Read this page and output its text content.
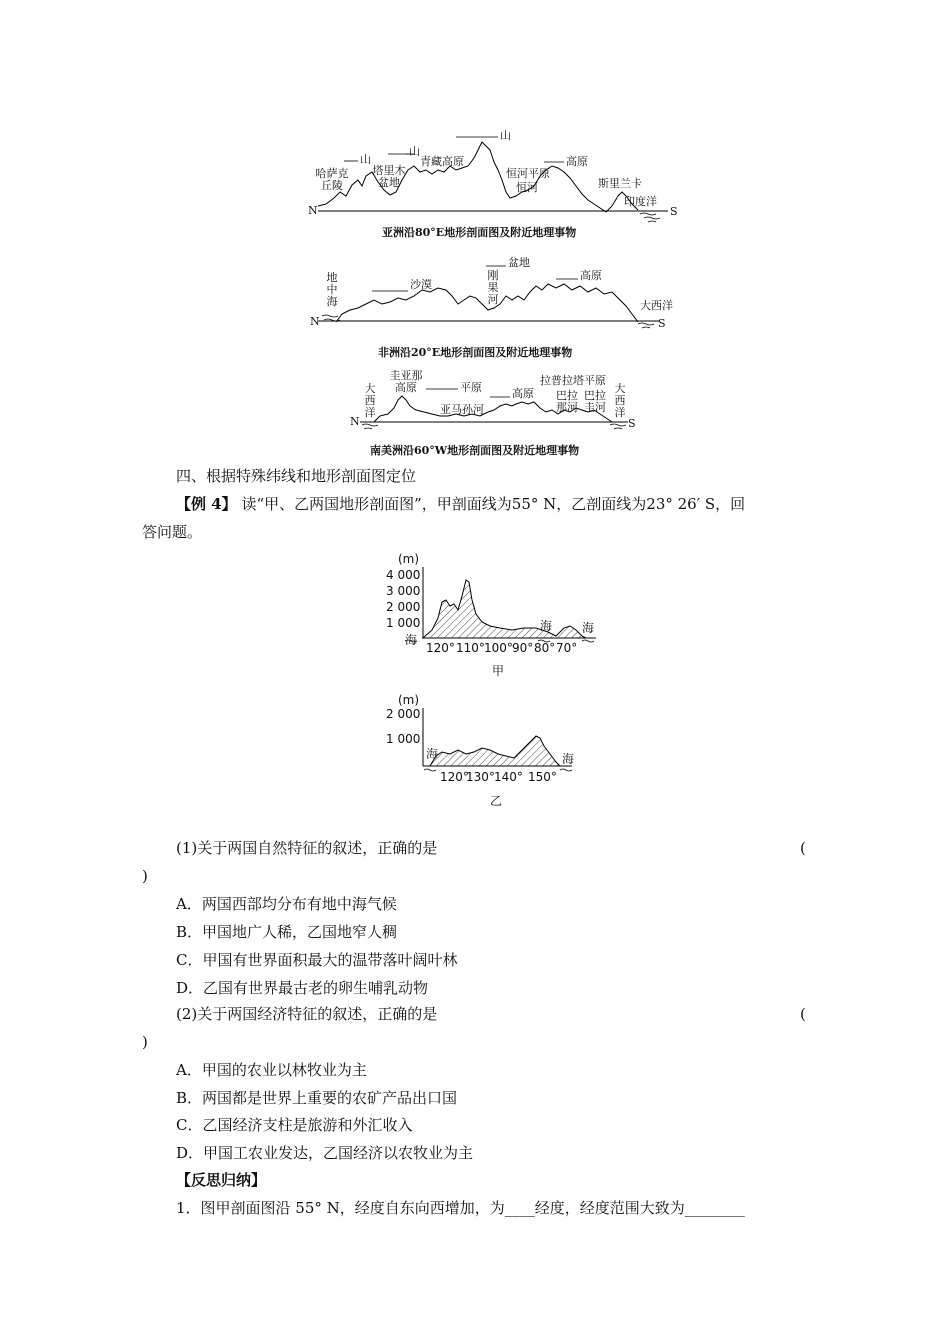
哈萨克
丘陵
山
塔里木
盆地
山
青藏高原
山
恒河平原
恒河
高原
斯里兰卡
印度洋
N	S
亚洲沿80°E地形剖面图及附近地理事物
地中海
沙漠
盆地
刚果河
高原
大西洋
N	S
非洲沿20°E地形剖面图及附近地理事物
大西洋
圭亚那
高原	平原
亚马孙河
高原
拉普拉塔平原
巴拉
那河
巴拉
圭河
大西洋
N	S
南美洲沿60°W地形剖面图及附近地理事物
四、根据特殊纬线和地形剖面图定位
【例 4】 读“甲、乙两国地形剖面图”，甲剖面线为55° N，乙剖面线为23° 26′ S，回
答问题。
(m)
4 000
3 000
2 000
1 000
海
海 海
120° 110° 100° 90° 80° 70°
甲
(m)
2 000
1 000
海	海
120°
130° 140° 150°
乙
(1)关于两国自然特征的叙述，正确的是	(
)
A．两国西部均分布有地中海气候
B．甲国地广人稀，乙国地窄人稠
C．甲国有世界面积最大的温带落叶阔叶林
D．乙国有世界最古老的卵生哺乳动物
(2)关于两国经济特征的叙述，正确的是	(
)
A．甲国的农业以林牧业为主
B．两国都是世界上重要的农矿产品出口国
C．乙国经济支柱是旅游和外汇收入
D．甲国工农业发达，乙国经济以农牧业为主
【反思归纳】
1．图甲剖面图沿 55° N，经度自东向西增加，为____经度，经度范围大致为________
